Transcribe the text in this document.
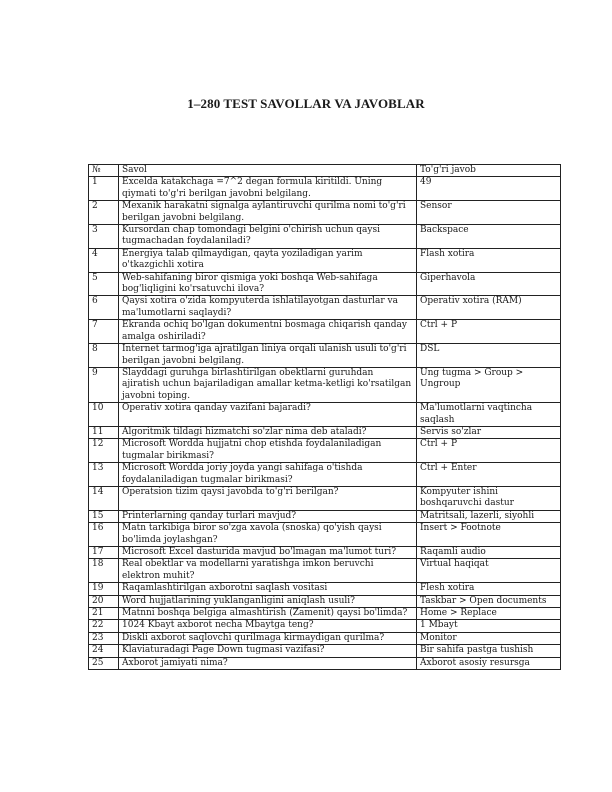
1–280 TEST SAVOLLAR VA JAVOBLAR
№	Savol	To'g'ri javob
1	Excelda katakchaga =7^2 degan formula kiritildi. Uning qiymati to'g'ri berilgan javobni belgilang.	49
2	Mexanik harakatni signalga aylantiruvchi qurilma nomi to'g'ri berilgan javobni belgilang.	Sensor
3	Kursordan chap tomondagi belgini o'chirish uchun qaysi tugmachadan foydalaniladi?	Backspace
4	Energiya talab qilmaydigan, qayta yoziladigan yarim o'tkazgichli xotira	Flash xotira
5	Web-sahifaning biror qismiga yoki boshqa Web-sahifaga bog'liqligini ko'rsatuvchi ilova?	Giperhavola
6	Qaysi xotira o'zida kompyuterda ishlatilayotgan dasturlar va ma'lumotlarni saqlaydi?	Operativ xotira (RAM)
7	Ekranda ochiq bo'lgan dokumentni bosmaga chiqarish qanday amalga oshiriladi?	Ctrl + P
8	Internet tarmog'iga ajratilgan liniya orqali ulanish usuli to'g'ri berilgan javobni belgilang.	DSL
9	Slayddagi guruhga birlashtirilgan obektlarni guruhdan ajiratish uchun bajariladigan amallar ketma-ketligi ko'rsatilgan javobni toping.	Ung tugma > Group > Ungroup
10	Operativ xotira qanday vazifani bajaradi?	Ma'lumotlarni vaqtincha saqlash
11	Algoritmik tildagi hizmatchi so'zlar nima deb ataladi?	Servis so'zlar
12	Microsoft Wordda hujjatni chop etishda foydalaniladigan tugmalar birikmasi?	Ctrl + P
13	Microsoft Wordda joriy joyda yangi sahifaga o'tishda foydalaniladigan tugmalar birikmasi?	Ctrl + Enter
14	Operatsion tizim qaysi javobda to'g'ri berilgan?	Kompyuter ishini boshqaruvchi dastur
15	Printerlarning qanday turlari mavjud?	Matritsali, lazerli, siyohli
16	Matn tarkibiga biror so'zga xavola (snoska) qo'yish qaysi bo'limda joylashgan?	Insert > Footnote
17	Microsoft Excel dasturida mavjud bo'lmagan ma'lumot turi?	Raqamli audio
18	Real obektlar va modellarni yaratishga imkon beruvchi elektron muhit?	Virtual haqiqat
19	Raqamlashtirilgan axborotni saqlash vositasi	Flesh xotira
20	Word hujjatlarining yuklanganligini aniqlash usuli?	Taskbar > Open documents
21	Matnni boshqa belgiga almashtirish (Zamenit) qaysi bo'limda?	Home > Replace
22	1024 Kbayt axborot necha Mbaytga teng?	1 Mbayt
23	Diskli axborot saqlovchi qurilmaga kirmaydigan qurilma?	Monitor
24	Klaviaturadagi Page Down tugmasi vazifasi?	Bir sahifa pastga tushish
25	Axborot jamiyati nima?	Axborot asosiy resursga
